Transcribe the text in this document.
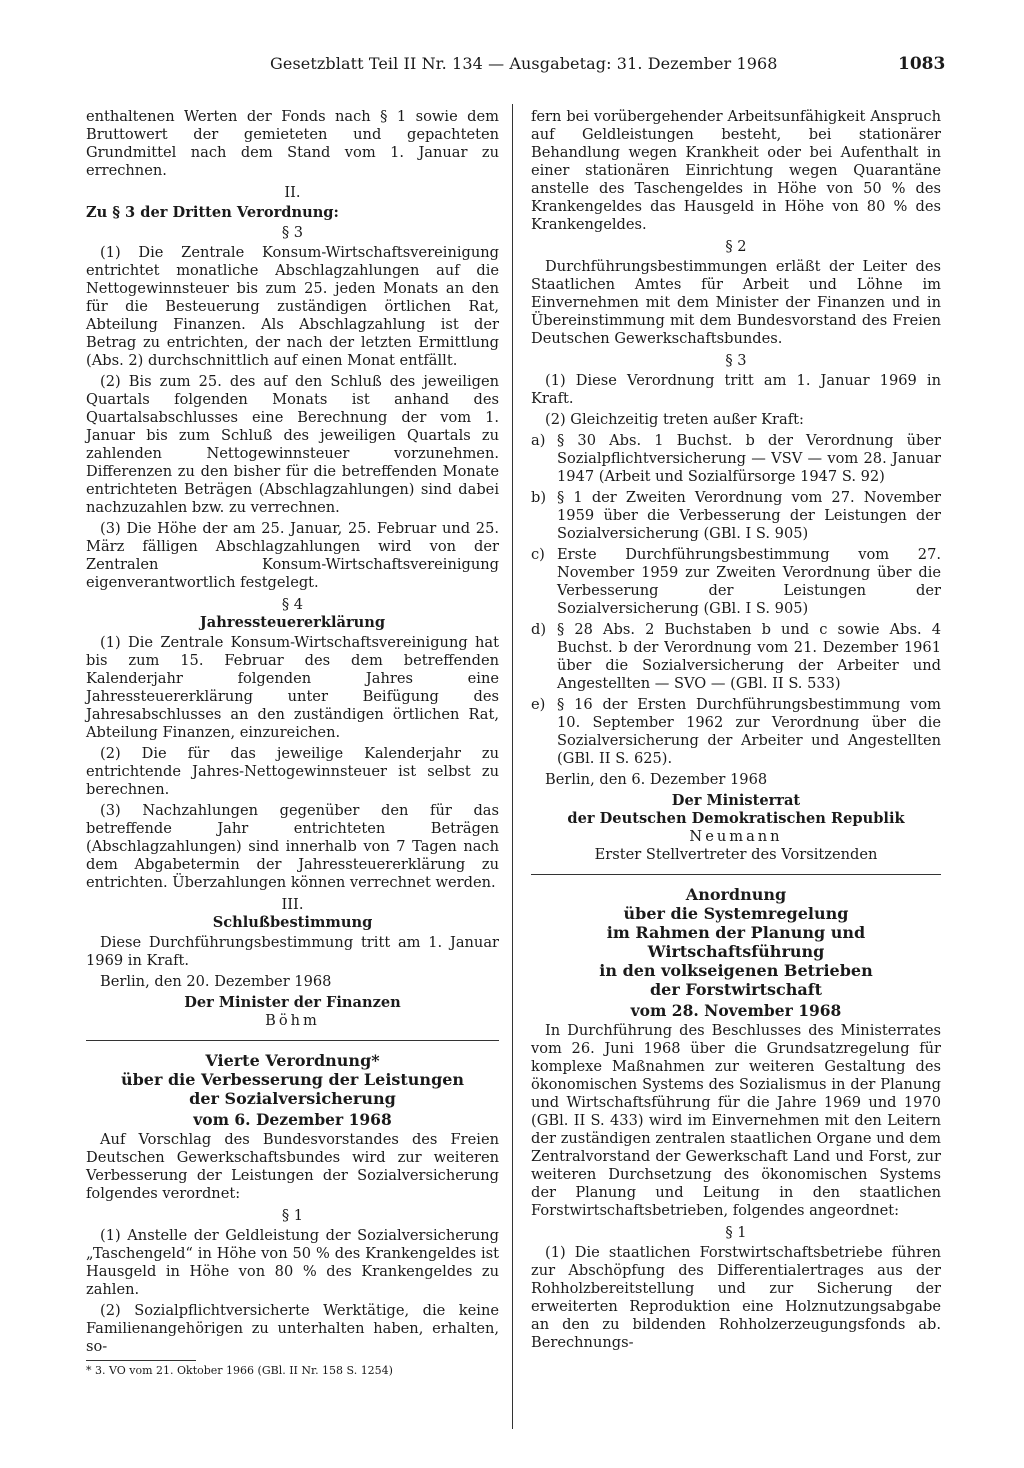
Gesetzblatt Teil II Nr. 134 — Ausgabetag: 31. Dezember 1968	1083

enthaltenen Werten der Fonds nach § 1 sowie dem Bruttowert der gemieteten und gepachteten Grundmittel nach dem Stand vom 1. Januar zu errechnen.

II.
Zu § 3 der Dritten Verordnung:
§ 3

(1) Die Zentrale Konsum-Wirtschaftsvereinigung entrichtet monatliche Abschlagzahlungen auf die Nettogewinnsteuer bis zum 25. jeden Monats an den für die Besteuerung zuständigen örtlichen Rat, Abteilung Finanzen. Als Abschlagzahlung ist der Betrag zu entrichten, der nach der letzten Ermittlung (Abs. 2) durchschnittlich auf einen Monat entfällt.

(2) Bis zum 25. des auf den Schluß des jeweiligen Quartals folgenden Monats ist anhand des Quartalsabschlusses eine Berechnung der vom 1. Januar bis zum Schluß des jeweiligen Quartals zu zahlenden Nettogewinnsteuer vorzunehmen. Differenzen zu den bisher für die betreffenden Monate entrichteten Beträgen (Abschlagzahlungen) sind dabei nachzuzahlen bzw. zu verrechnen.

(3) Die Höhe der am 25. Januar, 25. Februar und 25. März fälligen Abschlagzahlungen wird von der Zentralen Konsum-Wirtschaftsvereinigung eigenverantwortlich festgelegt.

§ 4
Jahressteuererklärung

(1) Die Zentrale Konsum-Wirtschaftsvereinigung hat bis zum 15. Februar des dem betreffenden Kalenderjahr folgenden Jahres eine Jahressteuererklärung unter Beifügung des Jahresabschlusses an den zuständigen örtlichen Rat, Abteilung Finanzen, einzureichen.

(2) Die für das jeweilige Kalenderjahr zu entrichtende Jahres-Nettogewinnsteuer ist selbst zu berechnen.

(3) Nachzahlungen gegenüber den für das betreffende Jahr entrichteten Beträgen (Abschlagzahlungen) sind innerhalb von 7 Tagen nach dem Abgabetermin der Jahressteuererklärung zu entrichten. Überzahlungen können verrechnet werden.

III.
Schlußbestimmung

Diese Durchführungsbestimmung tritt am 1. Januar 1969 in Kraft.

Berlin, den 20. Dezember 1968

Der Minister der Finanzen
Böhm
Vierte Verordnung*
über die Verbesserung der Leistungen
der Sozialversicherung
vom 6. Dezember 1968

Auf Vorschlag des Bundesvorstandes des Freien Deutschen Gewerkschaftsbundes wird zur weiteren Verbesserung der Leistungen der Sozialversicherung folgendes verordnet:

§ 1

(1) Anstelle der Geldleistung der Sozialversicherung „Taschengeld“ in Höhe von 50 % des Krankengeldes ist Hausgeld in Höhe von 80 % des Krankengeldes zu zahlen.

(2) Sozialpflichtversicherte Werktätige, die keine Familienangehörigen zu unterhalten haben, erhalten, so-

* 3. VO vom 21. Oktober 1966 (GBl. II Nr. 158 S. 1254)

fern bei vorübergehender Arbeitsunfähigkeit Anspruch auf Geldleistungen besteht, bei stationärer Behandlung wegen Krankheit oder bei Aufenthalt in einer stationären Einrichtung wegen Quarantäne anstelle des Taschengeldes in Höhe von 50 % des Krankengeldes das Hausgeld in Höhe von 80 % des Krankengeldes.

§ 2

Durchführungsbestimmungen erläßt der Leiter des Staatlichen Amtes für Arbeit und Löhne im Einvernehmen mit dem Minister der Finanzen und in Übereinstimmung mit dem Bundesvorstand des Freien Deutschen Gewerkschaftsbundes.

§ 3

(1) Diese Verordnung tritt am 1. Januar 1969 in Kraft.

(2) Gleichzeitig treten außer Kraft:

a) § 30 Abs. 1 Buchst. b der Verordnung über Sozialpflichtversicherung — VSV — vom 28. Januar 1947 (Arbeit und Sozialfürsorge 1947 S. 92)
b) § 1 der Zweiten Verordnung vom 27. November 1959 über die Verbesserung der Leistungen der Sozialversicherung (GBl. I S. 905)
c) Erste Durchführungsbestimmung vom 27. November 1959 zur Zweiten Verordnung über die Verbesserung der Leistungen der Sozialversicherung (GBl. I S. 905)
d) § 28 Abs. 2 Buchstaben b und c sowie Abs. 4 Buchst. b der Verordnung vom 21. Dezember 1961 über die Sozialversicherung der Arbeiter und Angestellten — SVO — (GBl. II S. 533)
e) § 16 der Ersten Durchführungsbestimmung vom 10. September 1962 zur Verordnung über die Sozialversicherung der Arbeiter und Angestellten (GBl. II S. 625).

Berlin, den 6. Dezember 1968

Der Ministerrat
der Deutschen Demokratischen Republik
Neumann
Erster Stellvertreter des Vorsitzenden
Anordnung
über die Systemregelung
im Rahmen der Planung und Wirtschaftsführung
in den volkseigenen Betrieben
der Forstwirtschaft
vom 28. November 1968

In Durchführung des Beschlusses des Ministerrates vom 26. Juni 1968 über die Grundsatzregelung für komplexe Maßnahmen zur weiteren Gestaltung des ökonomischen Systems des Sozialismus in der Planung und Wirtschaftsführung für die Jahre 1969 und 1970 (GBl. II S. 433) wird im Einvernehmen mit den Leitern der zuständigen zentralen staatlichen Organe und dem Zentralvorstand der Gewerkschaft Land und Forst, zur weiteren Durchsetzung des ökonomischen Systems der Planung und Leitung in den staatlichen Forstwirtschaftsbetrieben, folgendes angeordnet:

§ 1

(1) Die staatlichen Forstwirtschaftsbetriebe führen zur Abschöpfung des Differentialertrages aus der Rohholzbereitstellung und zur Sicherung der erweiterten Reproduktion eine Holznutzungsabgabe an den zu bildenden Rohholzerzeugungsfonds ab. Berechnungs-
